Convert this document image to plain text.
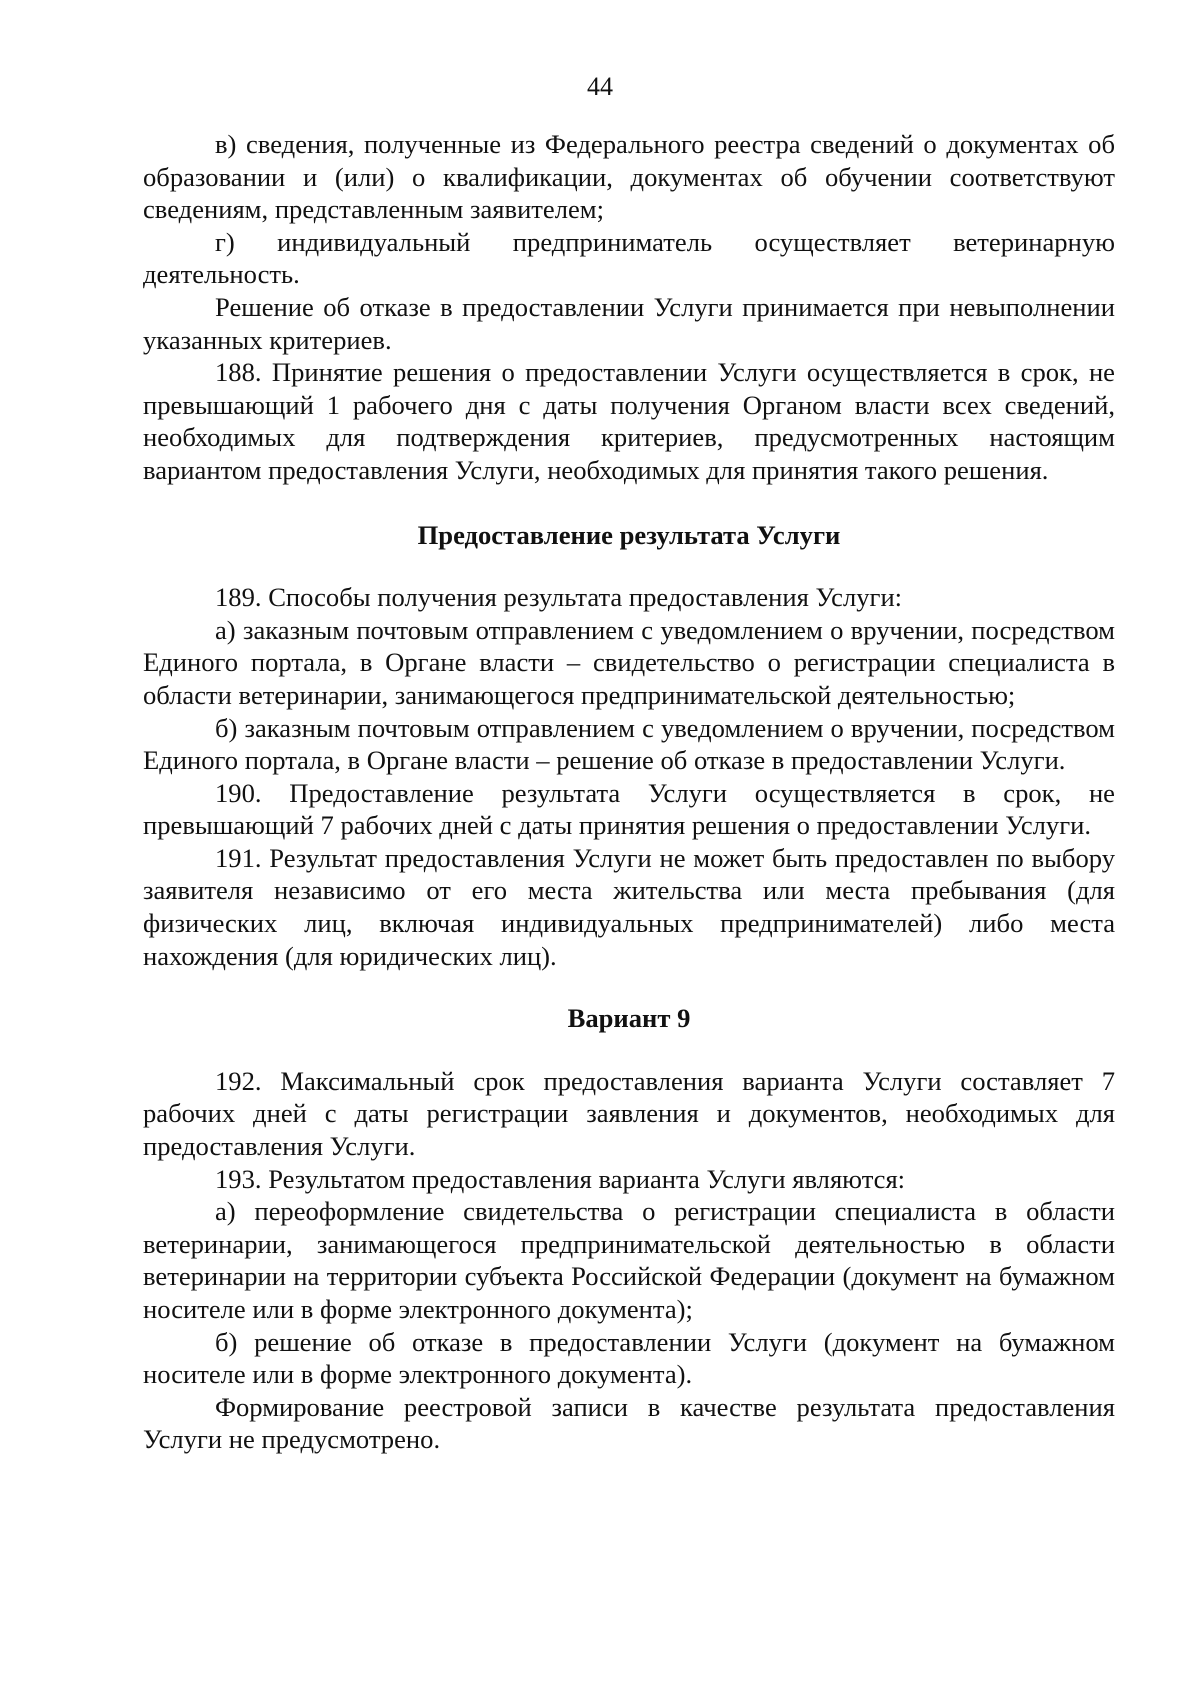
44

в) сведения, полученные из Федерального реестра сведений о документах об образовании и (или) о квалификации, документах об обучении соответствуют сведениям, представленным заявителем;

г) индивидуальный предприниматель осуществляет ветеринарную деятельность.

Решение об отказе в предоставлении Услуги принимается при невыполнении указанных критериев.

188. Принятие решения о предоставлении Услуги осуществляется в срок, не превышающий 1 рабочего дня с даты получения Органом власти всех сведений, необходимых для подтверждения критериев, предусмотренных настоящим вариантом предоставления Услуги, необходимых для принятия такого решения.

Предоставление результата Услуги

189. Способы получения результата предоставления Услуги:

а) заказным почтовым отправлением с уведомлением о вручении, посредством Единого портала, в Органе власти – свидетельство о регистрации специалиста в области ветеринарии, занимающегося предпринимательской деятельностью;

б) заказным почтовым отправлением с уведомлением о вручении, посредством Единого портала, в Органе власти – решение об отказе в предоставлении Услуги.

190. Предоставление результата Услуги осуществляется в срок, не превышающий 7 рабочих дней с даты принятия решения о предоставлении Услуги.

191. Результат предоставления Услуги не может быть предоставлен по выбору заявителя независимо от его места жительства или места пребывания (для физических лиц, включая индивидуальных предпринимателей) либо места нахождения (для юридических лиц).

Вариант 9

192. Максимальный срок предоставления варианта Услуги составляет 7 рабочих дней с даты регистрации заявления и документов, необходимых для предоставления Услуги.

193. Результатом предоставления варианта Услуги являются:

а) переоформление свидетельства о регистрации специалиста в области ветеринарии, занимающегося предпринимательской деятельностью в области ветеринарии на территории субъекта Российской Федерации (документ на бумажном носителе или в форме электронного документа);

б) решение об отказе в предоставлении Услуги (документ на бумажном носителе или в форме электронного документа).

Формирование реестровой записи в качестве результата предоставления Услуги не предусмотрено.
